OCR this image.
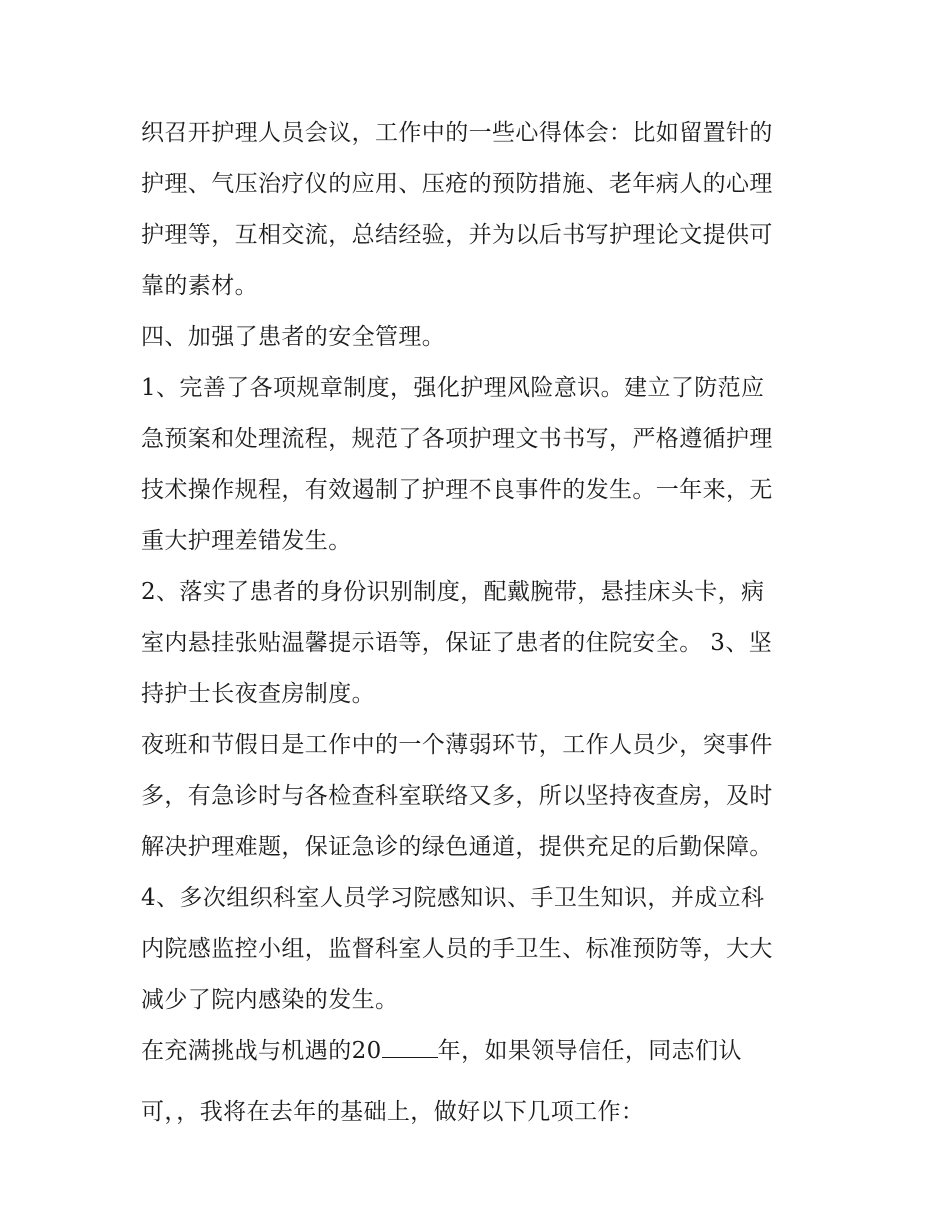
织召开护理人员会议，工作中的一些心得体会：比如留置针的
护理、气压治疗仪的应用、压疮的预防措施、老年病人的心理
护理等，互相交流，总结经验，并为以后书写护理论文提供可
靠的素材。
四、加强了患者的安全管理。
1、完善了各项规章制度，强化护理风险意识。建立了防范应
急预案和处理流程，规范了各项护理文书书写，严格遵循护理
技术操作规程，有效遏制了护理不良事件的发生。一年来，无
重大护理差错发生。
2、落实了患者的身份识别制度，配戴腕带，悬挂床头卡，病
室内悬挂张贴温馨提示语等，保证了患者的住院安全。 3、坚
持护士长夜查房制度。
夜班和节假日是工作中的一个薄弱环节，工作人员少，突事件
多，有急诊时与各检查科室联络又多，所以坚持夜查房，及时
解决护理难题，保证急诊的绿色通道，提供充足的后勤保障。
4、多次组织科室人员学习院感知识、手卫生知识，并成立科
内院感监控小组，监督科室人员的手卫生、标准预防等，大大
减少了院内感染的发生。
在充满挑战与机遇的20 年，如果领导信任，同志们认
可，，我将在去年的基础上，做好以下几项工作：
